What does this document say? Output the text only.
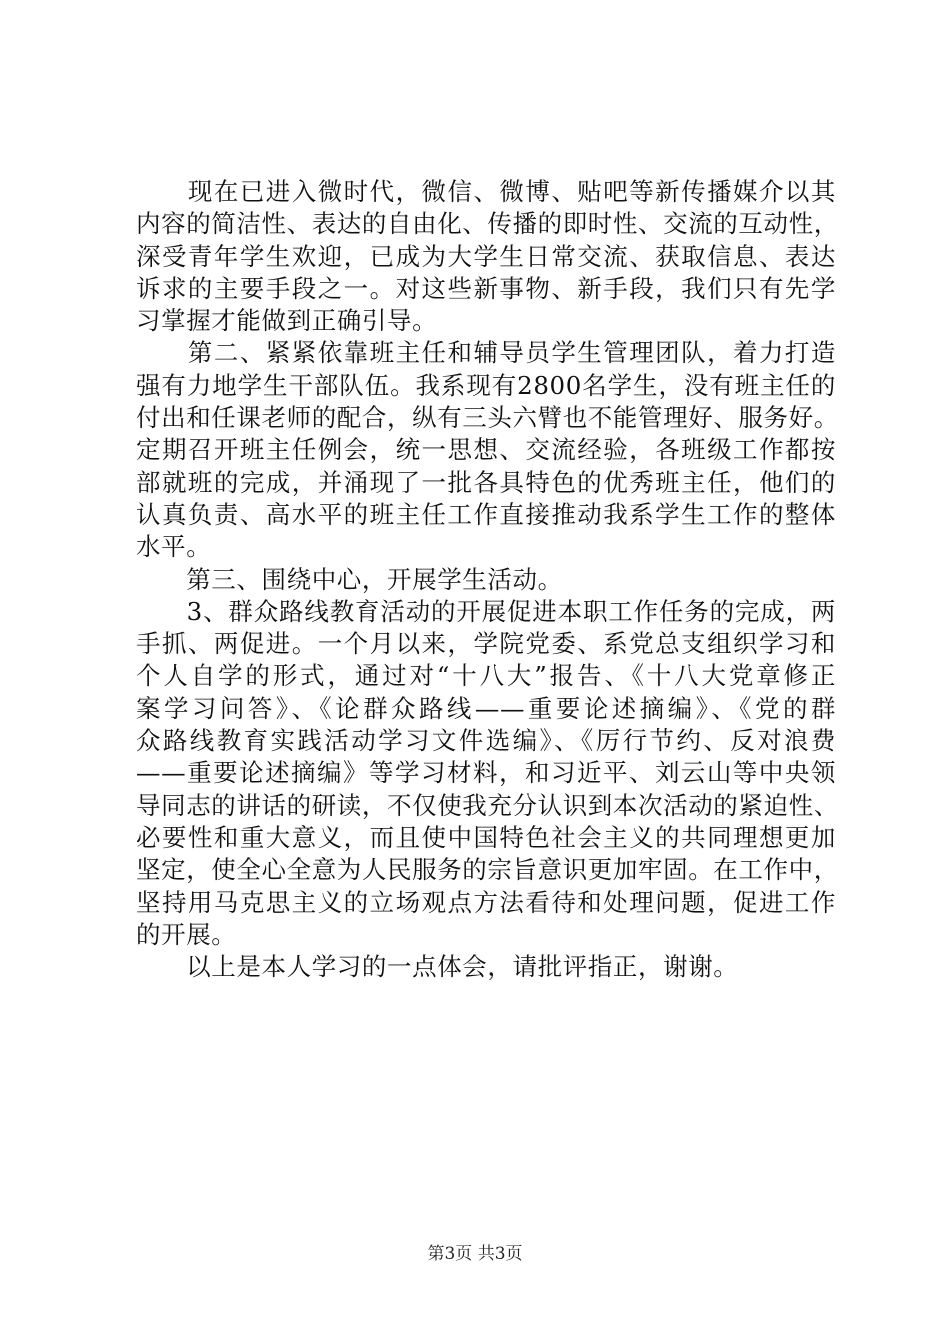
　　现在已进入微时代，微信、微博、贴吧等新传播媒介以其
内容的简洁性、表达的自由化、传播的即时性、交流的互动性，
深受青年学生欢迎，已成为大学生日常交流、获取信息、表达
诉求的主要手段之一。对这些新事物、新手段，我们只有先学
习掌握才能做到正确引导。
　　第二、紧紧依靠班主任和辅导员学生管理团队，着力打造
强有力地学生干部队伍。我系现有2800名学生，没有班主任的
付出和任课老师的配合，纵有三头六臂也不能管理好、服务好。
定期召开班主任例会，统一思想、交流经验，各班级工作都按
部就班的完成，并涌现了一批各具特色的优秀班主任，他们的
认真负责、高水平的班主任工作直接推动我系学生工作的整体
水平。
　　第三、围绕中心，开展学生活动。
　　3、群众路线教育活动的开展促进本职工作任务的完成，两
手抓、两促进。一个月以来，学院党委、系党总支组织学习和
个人自学的形式，通过对“十八大”报告、《十八大党章修正
案学习问答》、《论群众路线——重要论述摘编》、《党的群
众路线教育实践活动学习文件选编》、《厉行节约、反对浪费
——重要论述摘编》等学习材料，和习近平、刘云山等中央领
导同志的讲话的研读，不仅使我充分认识到本次活动的紧迫性、
必要性和重大意义，而且使中国特色社会主义的共同理想更加
坚定，使全心全意为人民服务的宗旨意识更加牢固。在工作中，
坚持用马克思主义的立场观点方法看待和处理问题，促进工作
的开展。
　　以上是本人学习的一点体会，请批评指正，谢谢。
第3页 共3页
